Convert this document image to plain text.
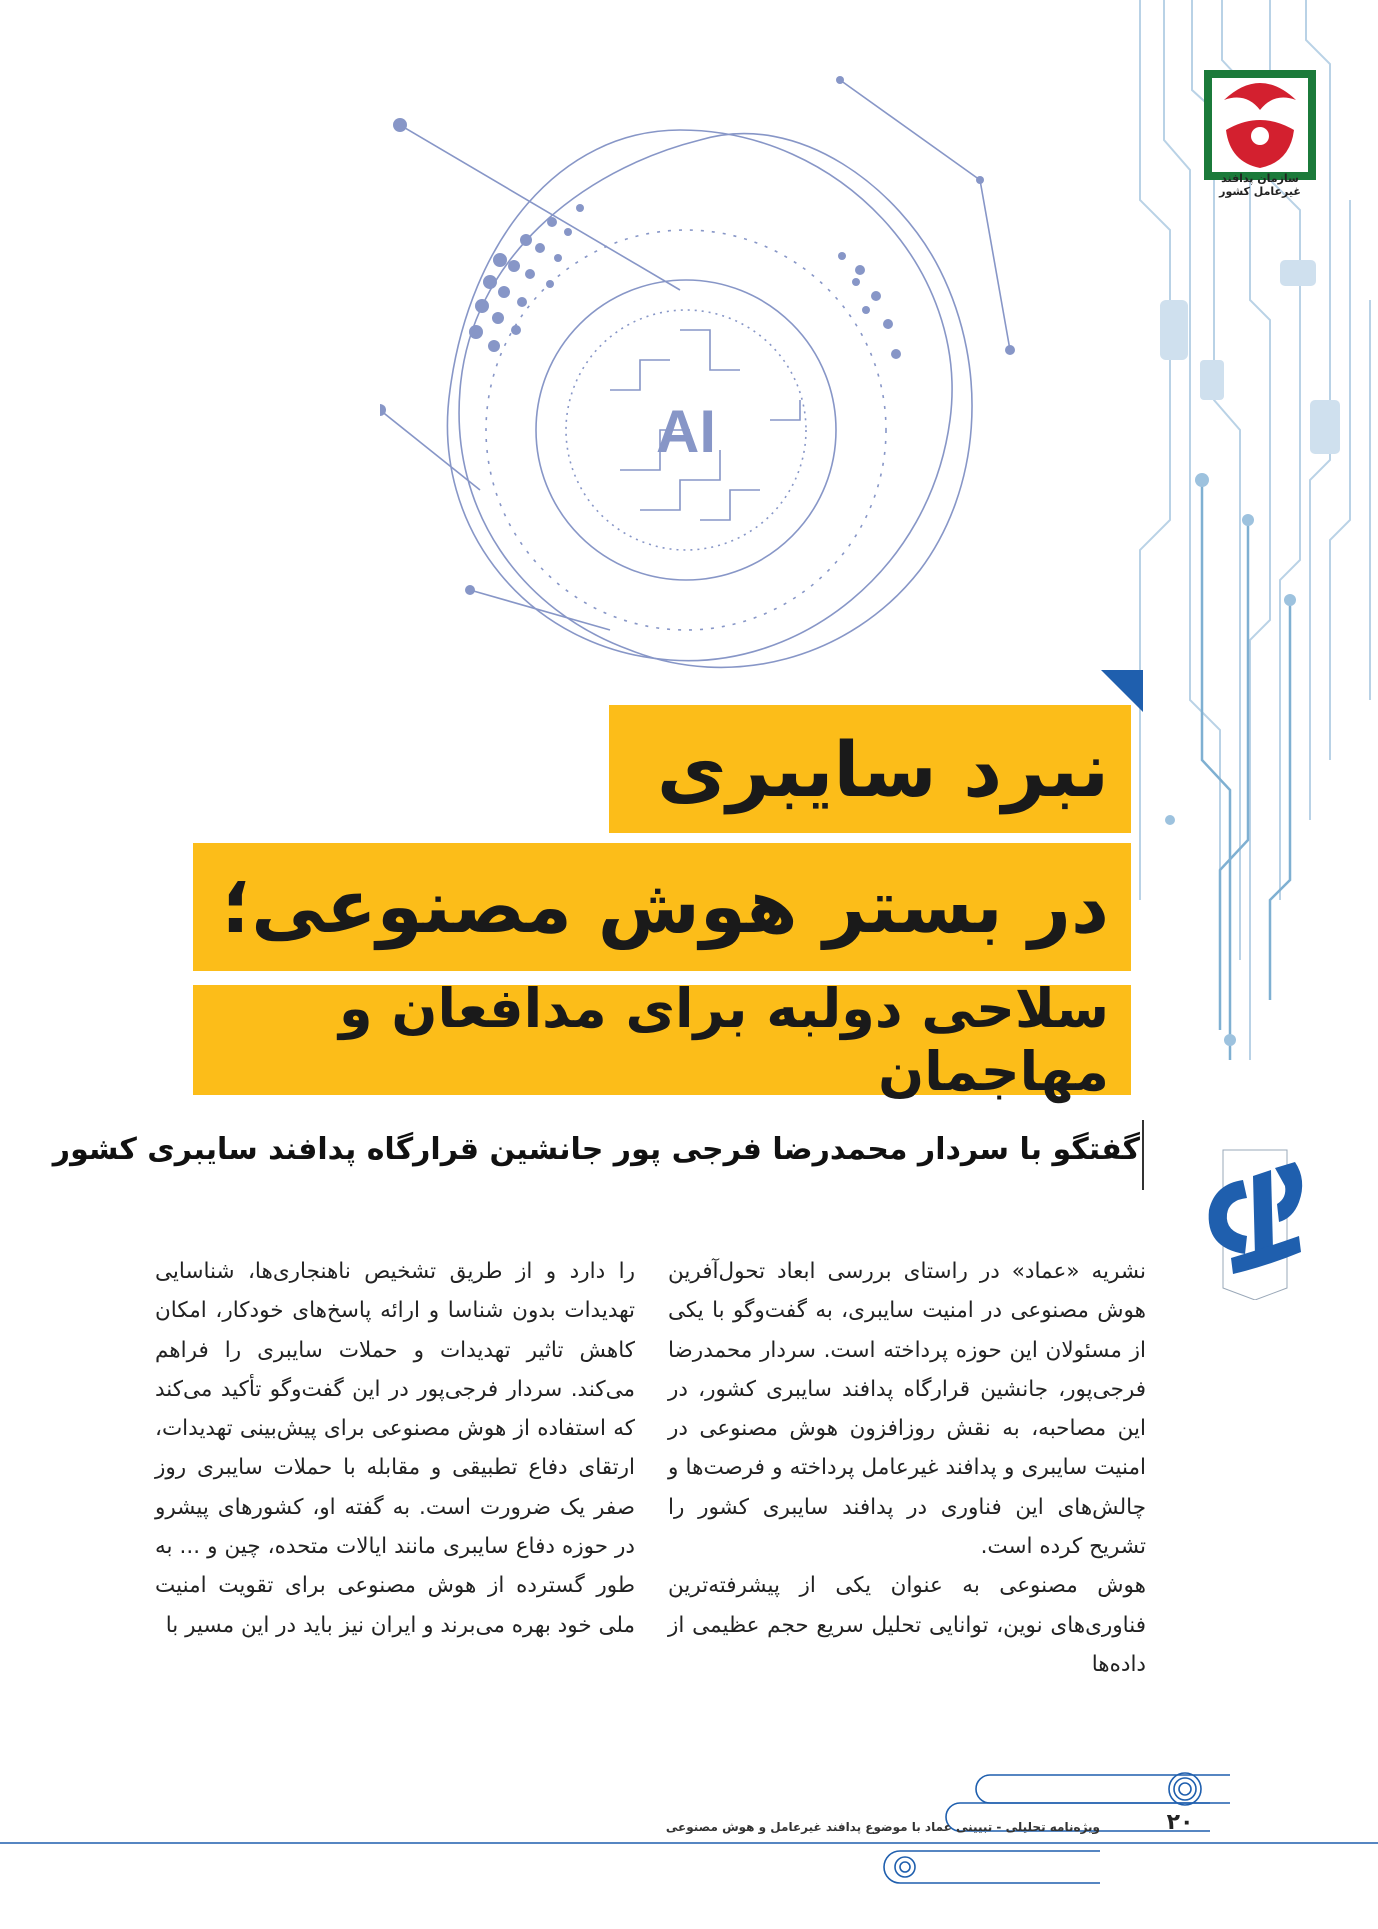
سازمان پدافند غیرعامل کشور
AI
نبرد سایبری
در بستر هوش مصنوعی؛
سلاحی دولبه برای مدافعان و مهاجمان
گفتگو با سردار محمدرضا فرجی پور جانشین قرارگاه پدافند سایبری کشور

نشریه «عماد» در راستای بررسی ابعاد تحول‌آفرین هوش مصنوعی در امنیت سایبری، به گفت‌وگو با یکی از مسئولان این حوزه پرداخته است. سردار محمدرضا فرجی‌پور، جانشین قرارگاه پدافند سایبری کشور، در این مصاحبه، به نقش روزافزون هوش مصنوعی در امنیت سایبری و پدافند غیرعامل پرداخته و فرصت‌ها و چالش‌های این فناوری در پدافند سایبری کشور را تشریح کرده است.

هوش مصنوعی به عنوان یکی از پیشرفته‌ترین فناوری‌های نوین، توانایی تحلیل سریع حجم عظیمی از داده‌ها

را دارد و از طریق تشخیص ناهنجاری‌ها، شناسایی تهدیدات بدون شناسا و ارائه پاسخ‌های خودکار، امکان کاهش تاثیر تهدیدات و حملات سایبری را فراهم می‌کند. سردار فرجی‌پور در این گفت‌وگو تأکید می‌کند که استفاده از هوش مصنوعی برای پیش‌بینی تهدیدات، ارتقای دفاع تطبیقی و مقابله با حملات سایبری روز صفر یک ضرورت است. به گفته او، کشورهای پیشرو در حوزه دفاع سایبری مانند ایالات متحده، چین و ... به طور گسترده از هوش مصنوعی برای تقویت امنیت ملی خود بهره می‌برند و ایران نیز باید در این مسیر با

ویژه‌نامه تحلیلی - تبیینی عماد با موضوع پدافند غیرعامل و هوش مصنوعی	۲۰
